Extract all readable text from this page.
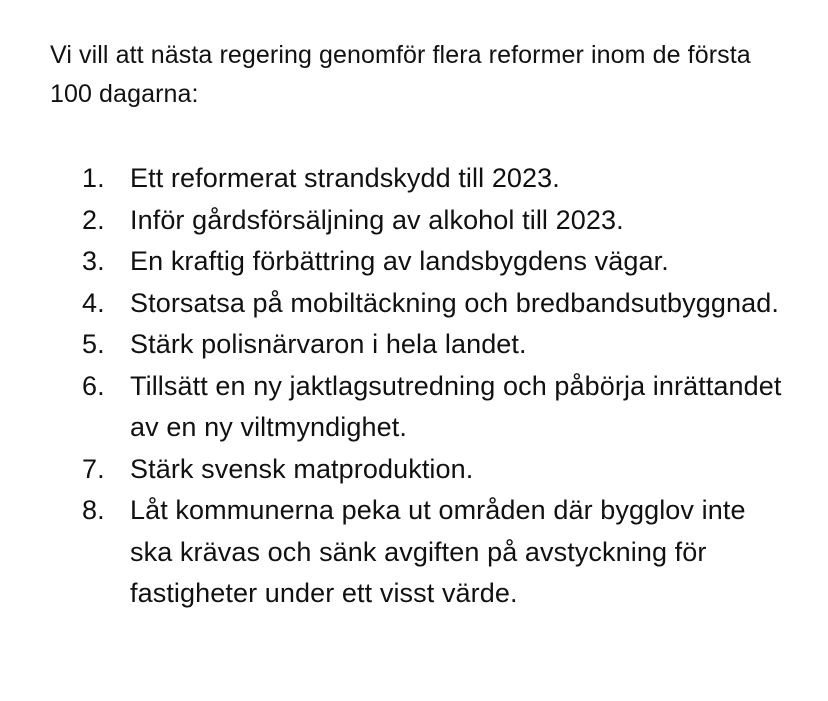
Vi vill att nästa regering genomför flera reformer inom de första 100 dagarna:

1. Ett reformerat strandskydd till 2023.
2. Inför gårdsförsäljning av alkohol till 2023.
3. En kraftig förbättring av landsbygdens vägar.
4. Storsatsa på mobiltäckning och bredbandsutbyggnad.
5. Stärk polisnärvaron i hela landet.
6. Tillsätt en ny jaktlagsutredning och påbörja inrättandet av en ny viltmyndighet.
7. Stärk svensk matproduktion.
8. Låt kommunerna peka ut områden där bygglov inte ska krävas och sänk avgiften på avstyckning för fastigheter under ett visst värde.
